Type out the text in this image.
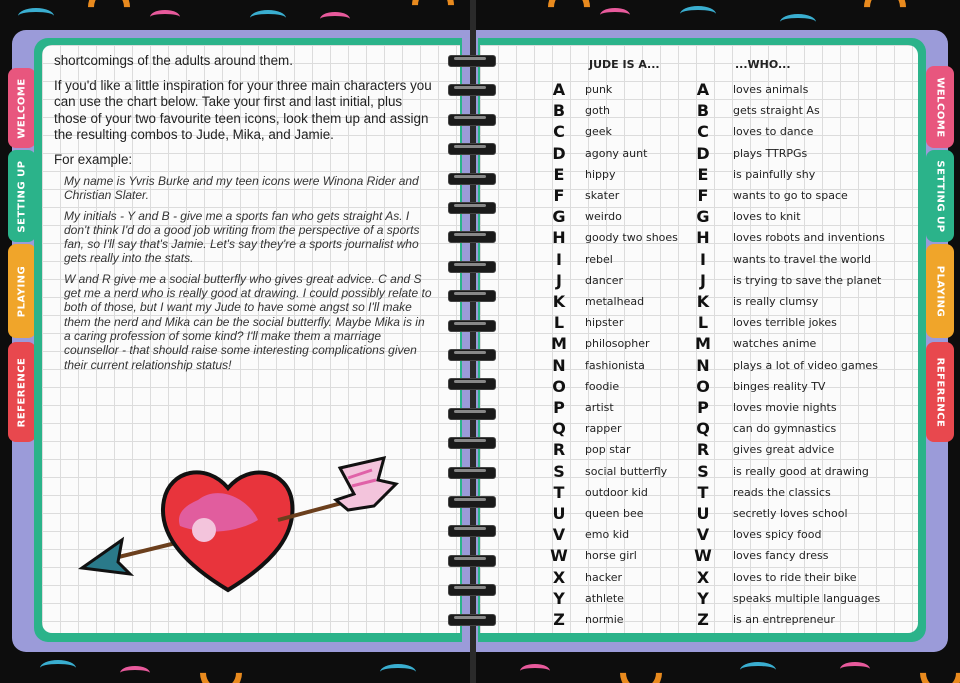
WELCOME
SETTING UP
PLAYING
REFERENCE
WELCOME
SETTING UP
PLAYING
REFERENCE

shortcomings of the adults around them.

If you'd like a little inspiration for your three main characters you can use the chart below. Take your first and last initial, plus those of your two favourite teen icons, look them up and assign the resulting combos to Jude, Mika, and Jamie.

For example:

My name is Yvris Burke and my teen icons were Winona Rider and Christian Slater.

My initials - Y and B - give me a sports fan who gets straight As. I don't think I'd do a good job writing from the perspective of a sports fan, so I'll say that's Jamie. Let's say they're a sports journalist who gets really into the stats.

W and R give me a social butterfly who gives great advice. C and S get me a nerd who is really good at drawing. I could possibly relate to both of those, but I want my Jude to have some angst so I'll make them the nerd and Mika can be the social butterfly. Maybe Mika is in a caring profession of some kind? I'll make them a marriage counsellor - that should raise some interesting complications given their current relationship status!

JUDE IS A...	...WHO...
A	punk	A	loves animals
B	goth	B	gets straight As
C	geek	C	loves to dance
D	agony aunt	D	plays TTRPGs
E	hippy	E	is painfully shy
F	skater	F	wants to go to space
G	weirdo	G	loves to knit
H	goody two shoes H	loves robots and inventions
I	rebel	I	wants to travel the world
J	dancer	J	is trying to save the planet
K	metalhead	K	is really clumsy
L	hipster	L	loves terrible jokes
M philosopher	M watches anime
N	fashionista	N	plays a lot of video games
O foodie	O binges reality TV
P	artist	P	loves movie nights
Q rapper	Q can do gymnastics
R	pop star	R	gives great advice
S	social butterfly S	is really good at drawing
T	outdoor kid	T	reads the classics
U	queen bee	U	secretly loves school
V	emo kid	V	loves spicy food
W horse girl	W loves fancy dress
X	hacker	X	loves to ride their bike
Y	athlete	Y	speaks multiple languages
Z	normie	Z	is an entrepreneur
